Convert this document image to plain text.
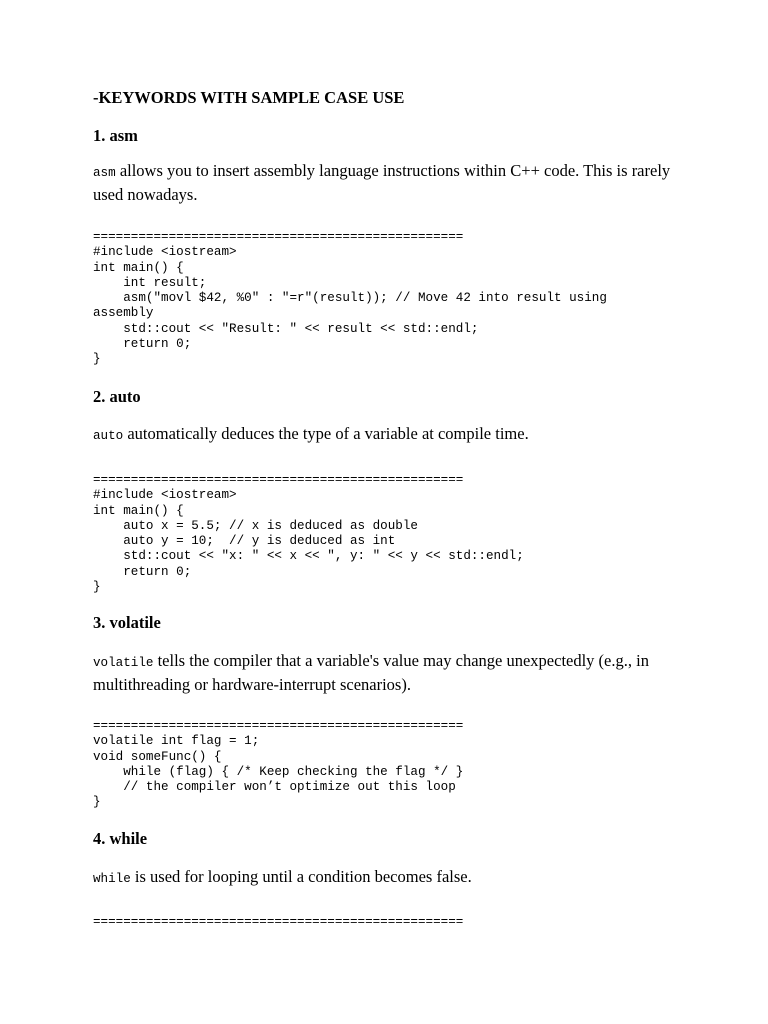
-KEYWORDS WITH SAMPLE CASE USE
1. asm
asm allows you to insert assembly language instructions within C++ code. This is rarely used nowadays.
=================================================
#include <iostream>
int main() {
int result;
asm("movl $42, %0" : "=r"(result)); // Move 42 into result using
assembly
std::cout << "Result: " << result << std::endl;
return 0;
}
2. auto
auto automatically deduces the type of a variable at compile time.
=================================================
#include <iostream>
int main() {
auto x = 5.5; // x is deduced as double
auto y = 10;  // y is deduced as int
std::cout << "x: " << x << ", y: " << y << std::endl;
return 0;
}
3. volatile
volatile tells the compiler that a variable's value may change unexpectedly (e.g., in multithreading or hardware-interrupt scenarios).
=================================================
volatile int flag = 1;
void someFunc() {
while (flag) { /* Keep checking the flag */ }
// the compiler won’t optimize out this loop
}
4. while
while is used for looping until a condition becomes false.
=================================================
